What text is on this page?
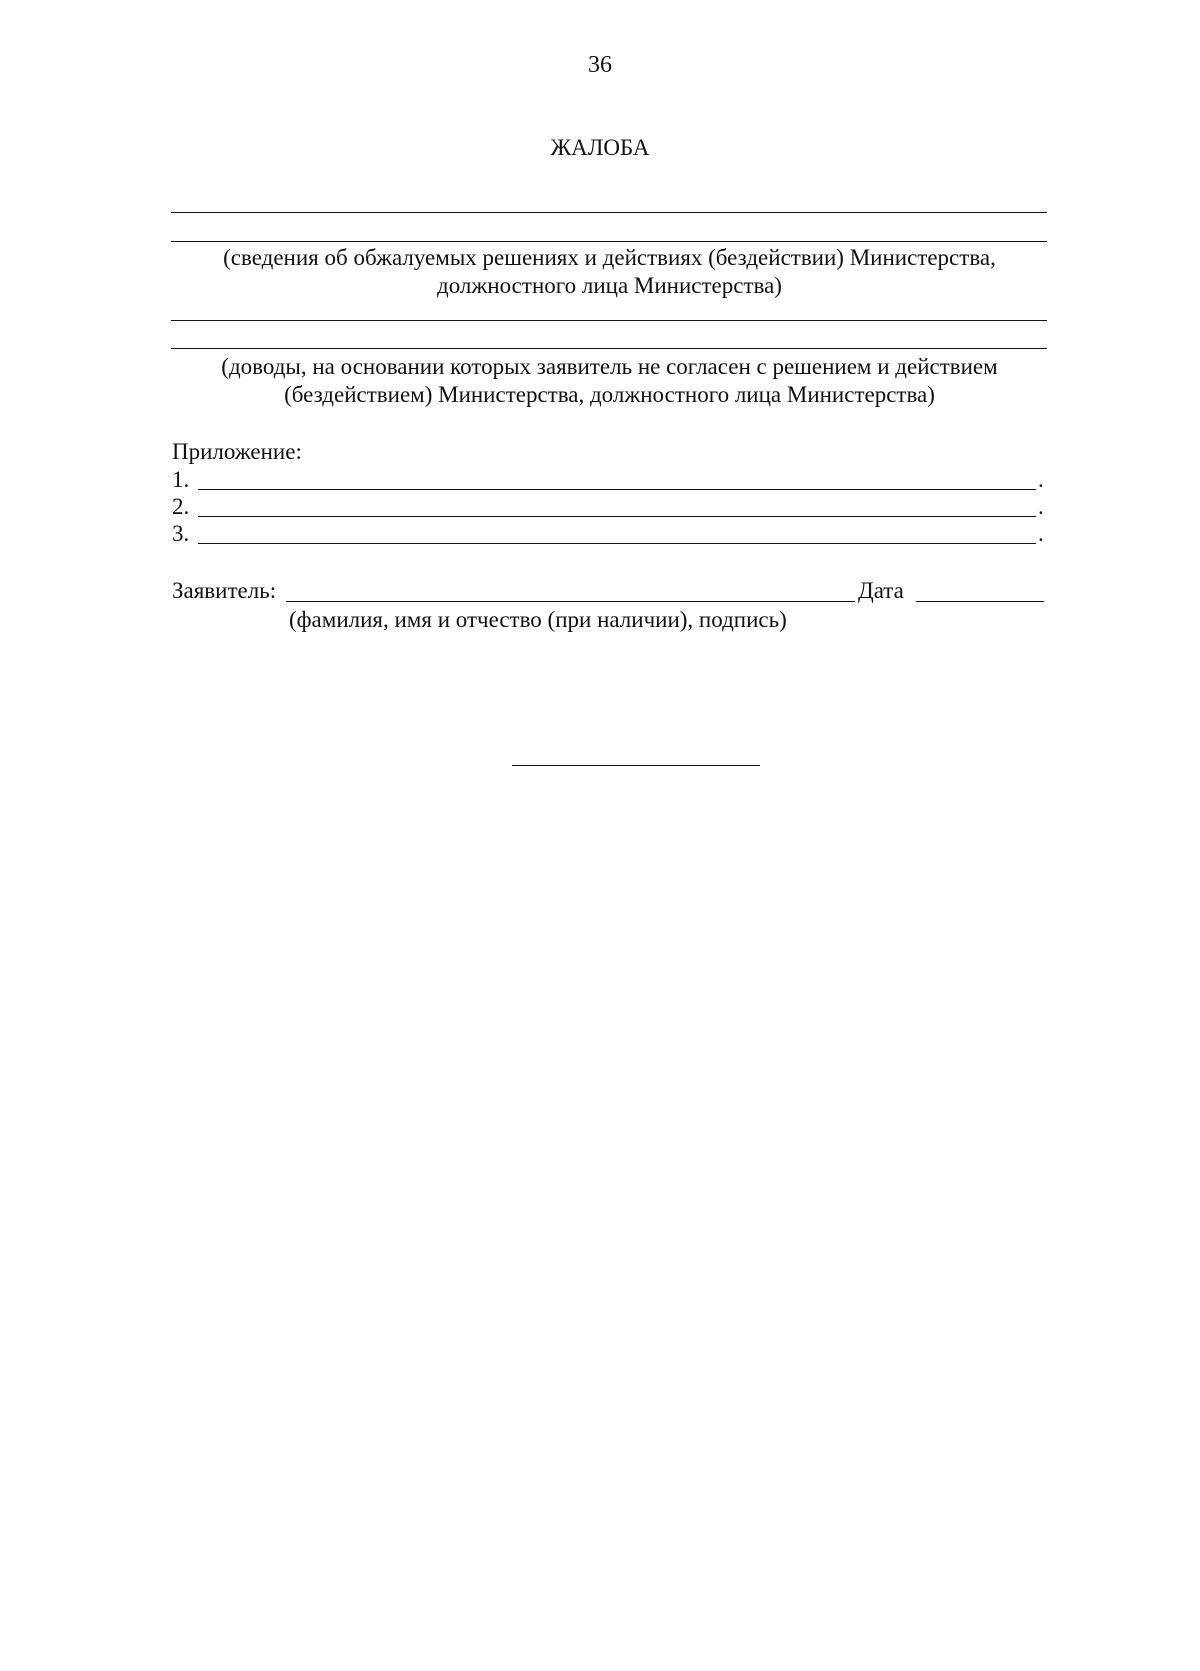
36
ЖАЛОБА
(сведения об обжалуемых решениях и действиях (бездействии) Министерства,
должностного лица Министерства)
(доводы, на основании которых заявитель не согласен с решением и действием
(бездействием) Министерства, должностного лица Министерства)
Приложение:
1.	.
2.	.
3.	.
Заявитель:	Дата
(фамилия, имя и отчество (при наличии), подпись)
